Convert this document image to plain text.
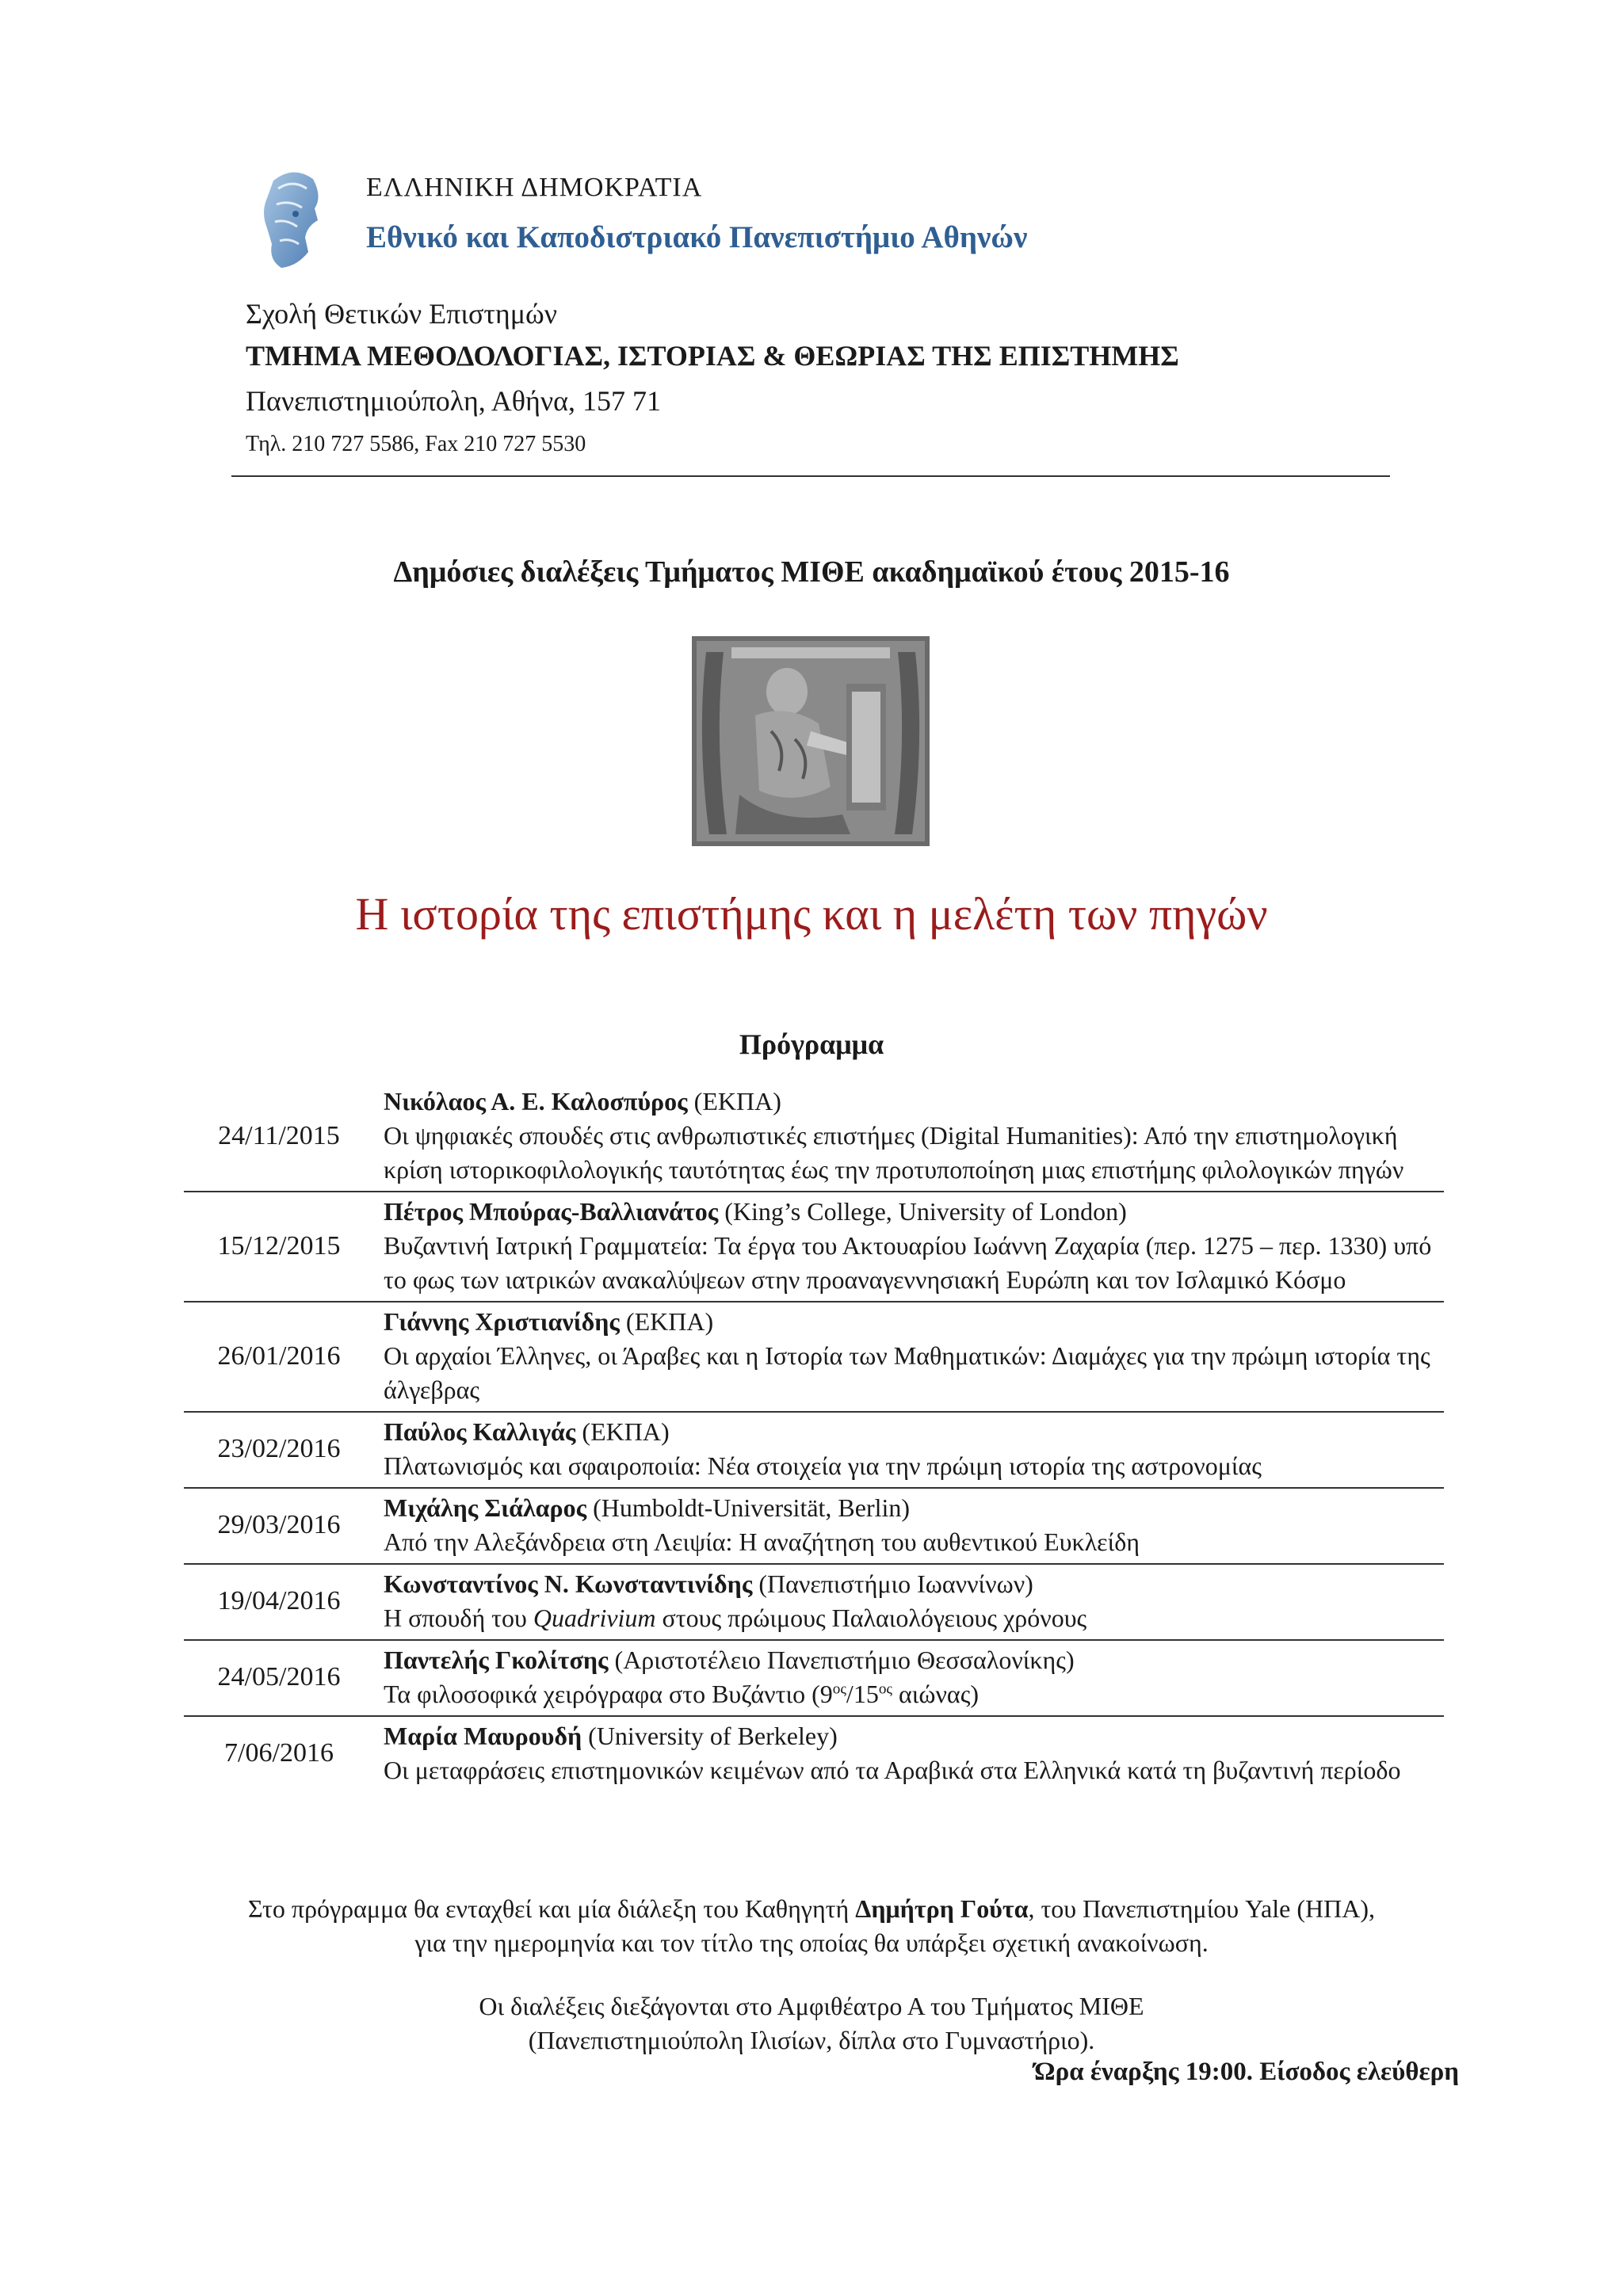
ΕΛΛΗΝΙΚΗ ΔΗΜΟΚΡΑΤΙΑ
Εθνικό και Καποδιστριακό Πανεπιστήμιο Αθηνών
Σχολή Θετικών Επιστημών
ΤΜΗΜΑ ΜΕΘΟΔΟΛΟΓΙΑΣ, ΙΣΤΟΡΙΑΣ & ΘΕΩΡΙΑΣ ΤΗΣ ΕΠΙΣΤΗΜΗΣ
Πανεπιστημιούπολη, Αθήνα, 157 71
Τηλ. 210 727 5586, Fax 210 727 5530
Δημόσιες διαλέξεις Τμήματος ΜΙΘΕ ακαδημαϊκού έτους 2015-16
Η ιστορία της επιστήμης και η μελέτη των πηγών
Πρόγραμμα
24/11/2015
Νικόλαος Α. Ε. Καλοσπύρος (ΕΚΠΑ)
Οι ψηφιακές σπουδές στις ανθρωπιστικές επιστήμες (Digital Humanities): Από την επιστημολογική κρίση ιστορικοφιλολογικής ταυτότητας έως την προτυποποίηση μιας επιστήμης φιλολογικών πηγών
15/12/2015
Πέτρος Μπούρας-Βαλλιανάτος (King’s College, University of London)
Βυζαντινή Ιατρική Γραμματεία: Τα έργα του Ακτουαρίου Ιωάννη Ζαχαρία (περ. 1275 – περ. 1330) υπό το φως των ιατρικών ανακαλύψεων στην προαναγεννησιακή Ευρώπη και τον Ισλαμικό Κόσμο
26/01/2016
Γιάννης Χριστιανίδης (ΕΚΠΑ)
Οι αρχαίοι Έλληνες, οι Άραβες και η Ιστορία των Μαθηματικών: Διαμάχες για την πρώιμη ιστορία της άλγεβρας
23/02/2016
Παύλος Καλλιγάς (ΕΚΠΑ)
Πλατωνισμός και σφαιροποιία: Νέα στοιχεία για την πρώιμη ιστορία της αστρονομίας
29/03/2016
Μιχάλης Σιάλαρος (Humboldt-Universität, Berlin)
Από την Αλεξάνδρεια στη Λειψία: Η αναζήτηση του αυθεντικού Ευκλείδη
19/04/2016
Κωνσταντίνος Ν. Κωνσταντινίδης (Πανεπιστήμιο Ιωαννίνων)
Η σπουδή του Quadrivium στους πρώιμους Παλαιολόγειους χρόνους
24/05/2016
Παντελής Γκολίτσης (Αριστοτέλειο Πανεπιστήμιο Θεσσαλονίκης)
Τα φιλοσοφικά χειρόγραφα στο Βυζάντιο ($9^{o\varsigma}/15^{o\varsigma}$ αιώνας)
7/06/2016
Μαρία Μαυρουδή (University of Berkeley)
Οι μεταφράσεις επιστημονικών κειμένων από τα Αραβικά στα Ελληνικά κατά τη βυζαντινή περίοδο

Στο πρόγραμμα θα ενταχθεί και μία διάλεξη του Καθηγητή Δημήτρη Γούτα, του Πανεπιστημίου Yale (ΗΠΑ),

για την ημερομηνία και τον τίτλο της οποίας θα υπάρξει σχετική ανακοίνωση.

Οι διαλέξεις διεξάγονται στο Αμφιθέατρο Α του Τμήματος ΜΙΘΕ

(Πανεπιστημιούπολη Ιλισίων, δίπλα στο Γυμναστήριο).

Ώρα έναρξης 19:00. Είσοδος ελεύθερη
